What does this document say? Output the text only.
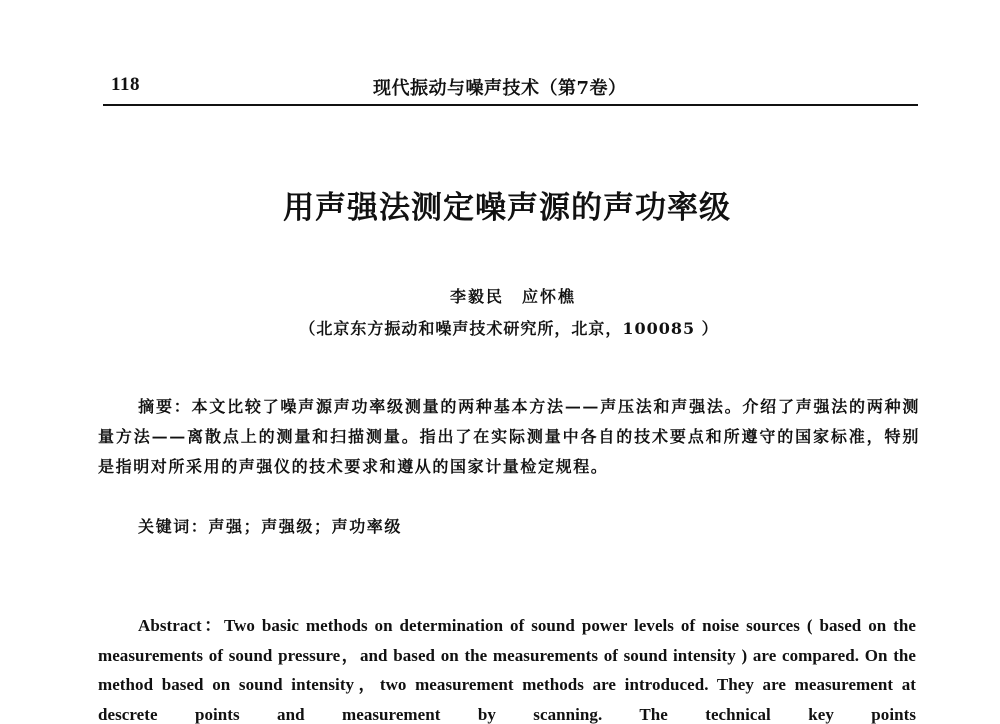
118	现代振动与噪声技术（第7卷）
用声强法测定噪声源的声功率级
李毅民　应怀樵
（北京东方振动和噪声技术研究所，北京，100085 ）
摘要：本文比较了噪声源声功率级测量的两种基本方法——声压法和声强法。介绍了声强法的两种测量方法——离散点上的测量和扫描测量。指出了在实际测量中各自的技术要点和所遵守的国家标准，特别是指明对所采用的声强仪的技术要求和遵从的国家计量检定规程。
关键词：声强；声强级；声功率级
Abstract：Two basic methods on determination of sound power levels of noise sources ( based on the measurements of sound pressure，and based on the measurements of sound intensity ) are compared. On the method based on sound intensity，two measurement methods are introduced. They are measurement at descrete points and measurement by scanning. The technical key points
